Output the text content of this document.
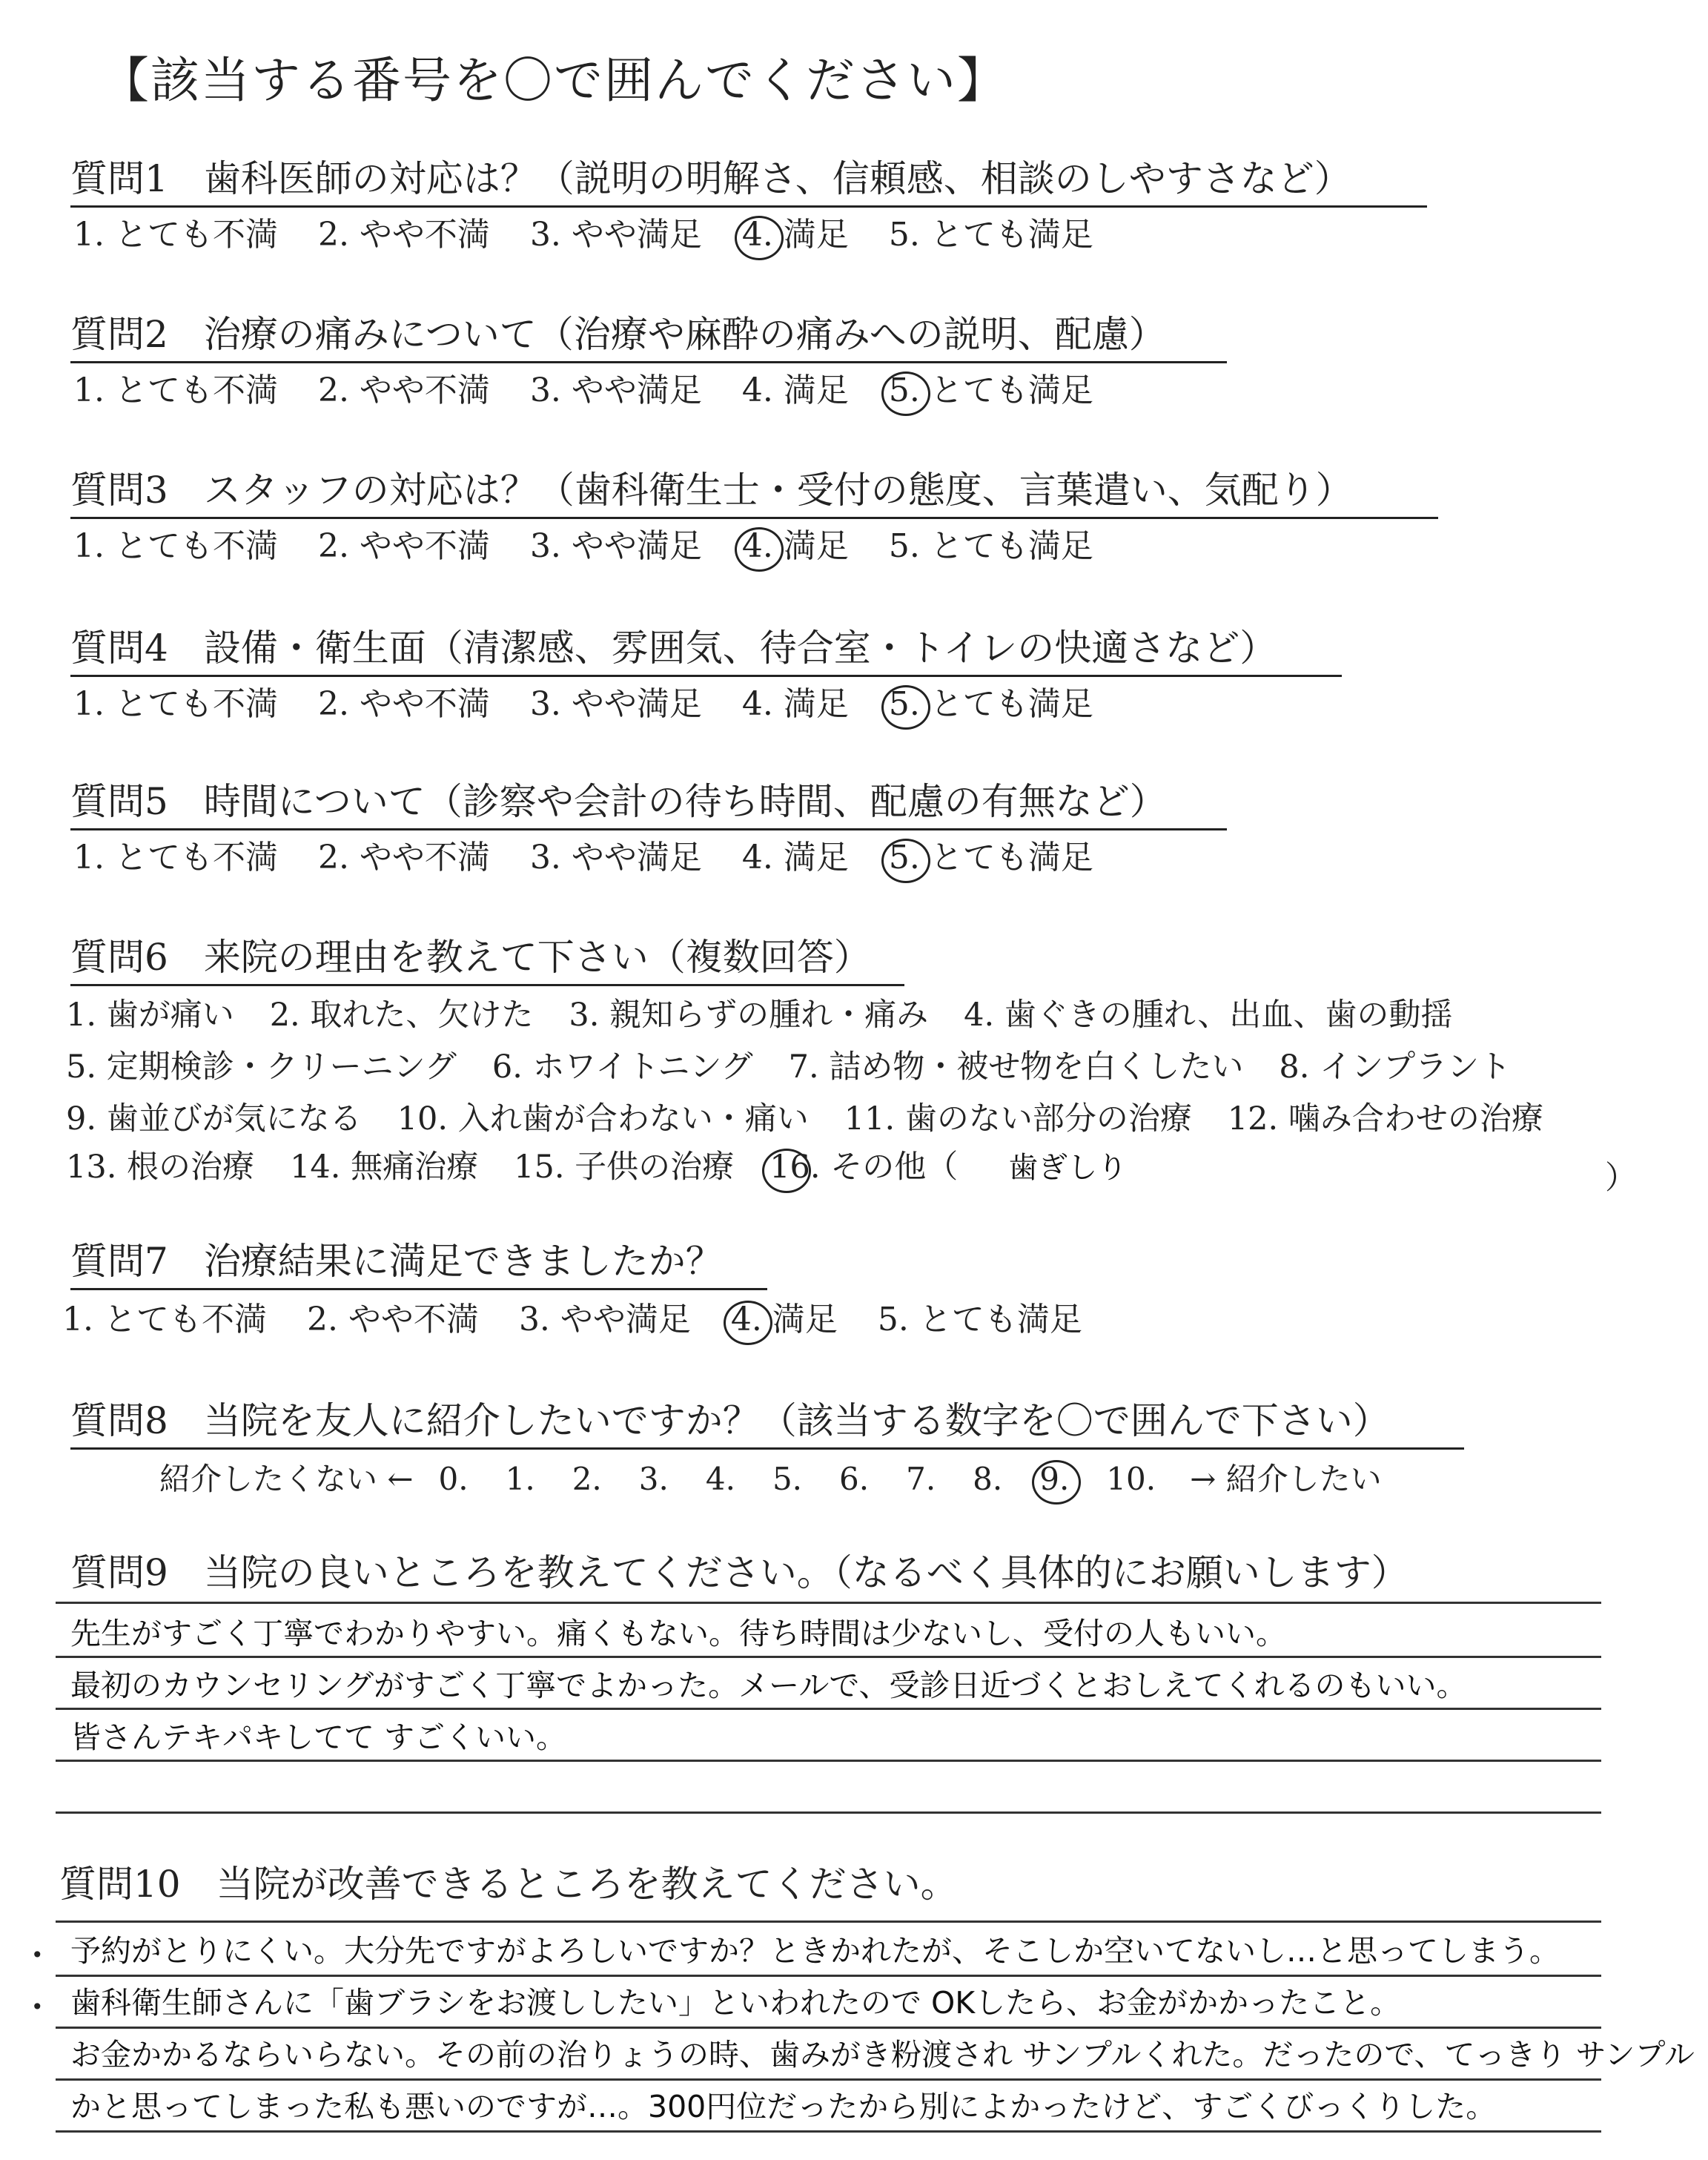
【該当する番号を〇で囲んでください】
質問1 歯科医師の対応は？（説明の明解さ、信頼感、相談のしやすさなど）
1. とても不満 2. やや不満 3. やや満足 4. 満足 5. とても満足
質問2 治療の痛みについて（治療や麻酔の痛みへの説明、配慮）
1. とても不満 2. やや不満 3. やや満足 4. 満足 5. とても満足
質問3 スタッフの対応は？（歯科衛生士・受付の態度、言葉遣い、気配り）
1. とても不満 2. やや不満 3. やや満足 4. 満足 5. とても満足
質問4 設備・衛生面（清潔感、雰囲気、待合室・トイレの快適さなど）
1. とても不満 2. やや不満 3. やや満足 4. 満足 5. とても満足
質問5 時間について（診察や会計の待ち時間、配慮の有無など）
1. とても不満 2. やや不満 3. やや満足 4. 満足 5. とても満足
質問6 来院の理由を教えて下さい（複数回答）
1. 歯が痛い 2. 取れた、欠けた 3. 親知らずの腫れ・痛み 4. 歯ぐきの腫れ、出血、歯の動揺
5. 定期検診・クリーニング 6. ホワイトニング 7. 詰め物・被せ物を白くしたい 8. インプラント
9. 歯並びが気になる 10. 入れ歯が合わない・痛い 11. 歯のない部分の治療 12. 噛み合わせの治療
13. 根の治療 14. 無痛治療 15. 子供の治療 16. その他（ 歯ぎしり	）
質問7 治療結果に満足できましたか？
1. とても不満 2. やや不満 3. やや満足 4. 満足 5. とても満足
質問8 当院を友人に紹介したいですか？（該当する数字を〇で囲んで下さい）
紹介したくない ← 0. 1. 2. 3. 4. 5. 6. 7. 8. 9. 10. → 紹介したい
質問9 当院の良いところを教えてください。（なるべく具体的にお願いします）
先生がすごく丁寧でわかりやすい。痛くもない。待ち時間は少ないし、受付の人もいい。
最初のカウンセリングがすごく丁寧でよかった。メールで、受診日近づくとおしえてくれるのもいい。
皆さんテキパキしてて すごくいい。
質問10 当院が改善できるところを教えてください。
•
•
予約がとりにくい。大分先ですがよろしいですか？ときかれたが、そこしか空いてないし…と思ってしまう。
歯科衛生師さんに「歯ブラシをお渡ししたい」といわれたので OKしたら、お金がかかったこと。
お金かかるならいらない。その前の治りょうの時、歯みがき粉渡され サンプルくれた。だったので、てっきり サンプル
かと思ってしまった私も悪いのですが…。300円位だったから別によかったけど、すごくびっくりした。
